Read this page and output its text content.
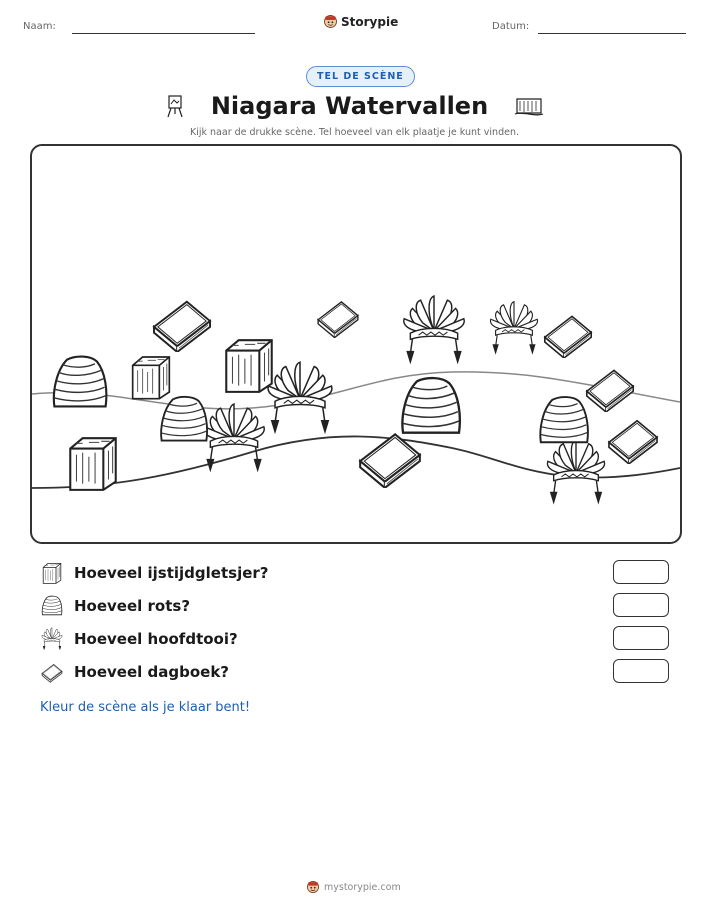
Naam:	Storypie	Datum:
TEL DE SCÈNE
Niagara Watervallen
Kijk naar de drukke scène. Tel hoeveel van elk plaatje je kunt vinden.
Hoeveel ijstijdgletsjer?
Hoeveel rots?
Hoeveel hoofdtooi?
Hoeveel dagboek?
Kleur de scène als je klaar bent!
mystorypie.com
